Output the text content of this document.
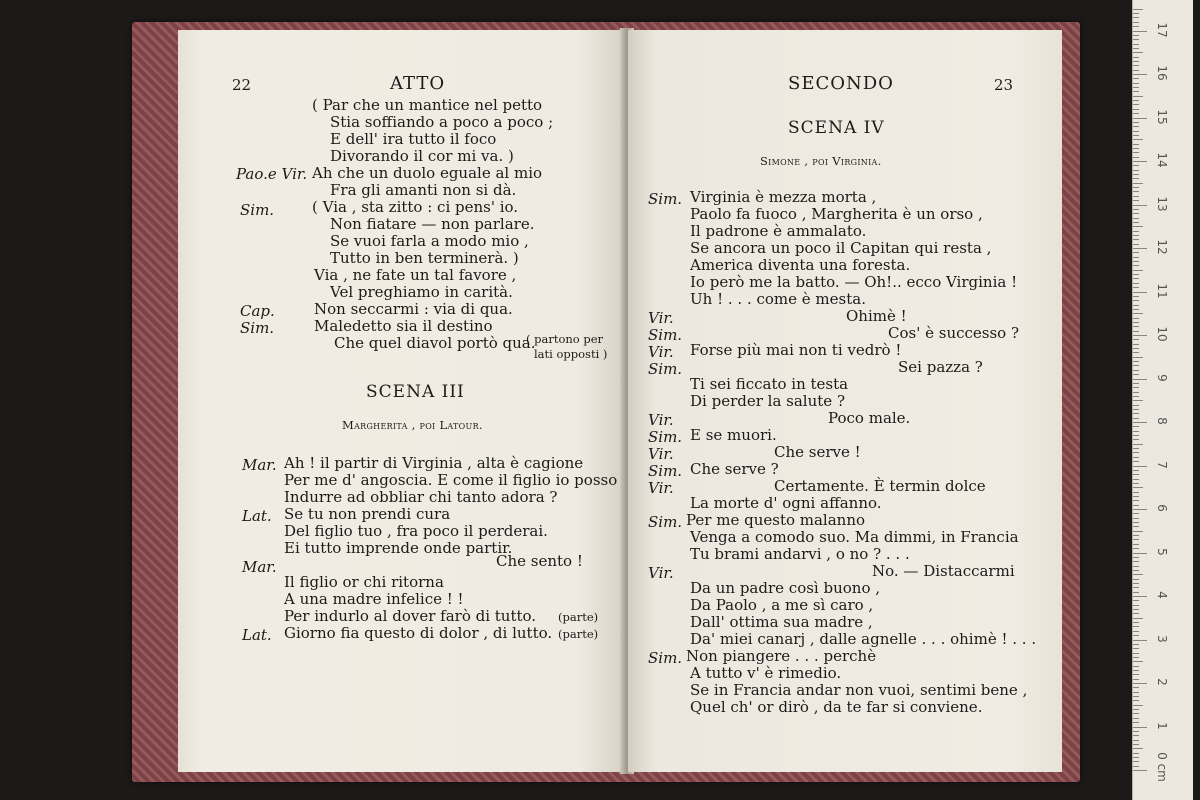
22	ATTO
( Par che un mantice nel petto
Stia soffiando a poco a poco ;
E dell' ira tutto il foco
Divorando il cor mi va. )
Pao.e Vir. Ah che un duolo eguale al mio
Fra gli amanti non si dà.
Sim.	( Via , sta zitto : ci pens' io.
Non fiatare — non parlare.
Se vuoi farla a modo mio ,
Tutto in ben terminerà. )
Via , ne fate un tal favore ,
Vel preghiamo in carità.
Cap.	Non seccarmi : via di qua.
Sim.	Maledetto sia il destino
Che quel diavol portò qua.
( partono per
lati opposti )
SCENA III
Margherita , poi Latour.
Mar. Ah ! il partir di Virginia , alta è cagione
Per me d' angoscia. E come il figlio io posso
Indurre ad obbliar chi tanto adora ?
Lat. Se tu non prendi cura
Del figlio tuo , fra poco il perderai.
Ei tutto imprende onde partir.
Mar.	Che sento !
Il figlio or chi ritorna
A una madre infelice ! !
Per indurlo al dover farò di tutto. (parte)
Lat. Giorno fia questo di dolor , di lutto. (parte)
SECONDO	23
SCENA IV
Simone , poi Virginia.
Sim. Virginia è mezza morta ,
Paolo fa fuoco , Margherita è un orso ,
Il padrone è ammalato.
Se ancora un poco il Capitan qui resta ,
America diventa una foresta.
Io però me la batto. — Oh!.. ecco Virginia !
Uh ! . . . come è mesta.
Vir.	Ohimè !
Sim.	Cos' è successo ?
Vir. Forse più mai non ti vedrò !
Sim.	Sei pazza ?
Ti sei ficcato in testa
Di perder la salute ?
Vir.	Poco male.
Sim. E se muori.
Vir.	Che serve !
Sim. Che serve ?
Vir.	Certamente. È termin dolce
La morte d' ogni affanno.
Sim. Per me questo malanno
Venga a comodo suo. Ma dimmi, in Francia
Tu brami andarvi , o no ? . . .
Vir.	No. — Distaccarmi
Da un padre così buono ,
Da Paolo , a me sì caro ,
Dall' ottima sua madre ,
Da' miei canarj , dalle agnelle . . . ohimè ! . . .
Sim. Non piangere . . . perchè
A tutto v' è rimedio.
Se in Francia andar non vuoi, sentimi bene ,
Quel ch' or dirò , da te far si conviene.
0 cm
1
2
3
4
5
6
7
8
9
10
11
12
13
14
15
16
17
